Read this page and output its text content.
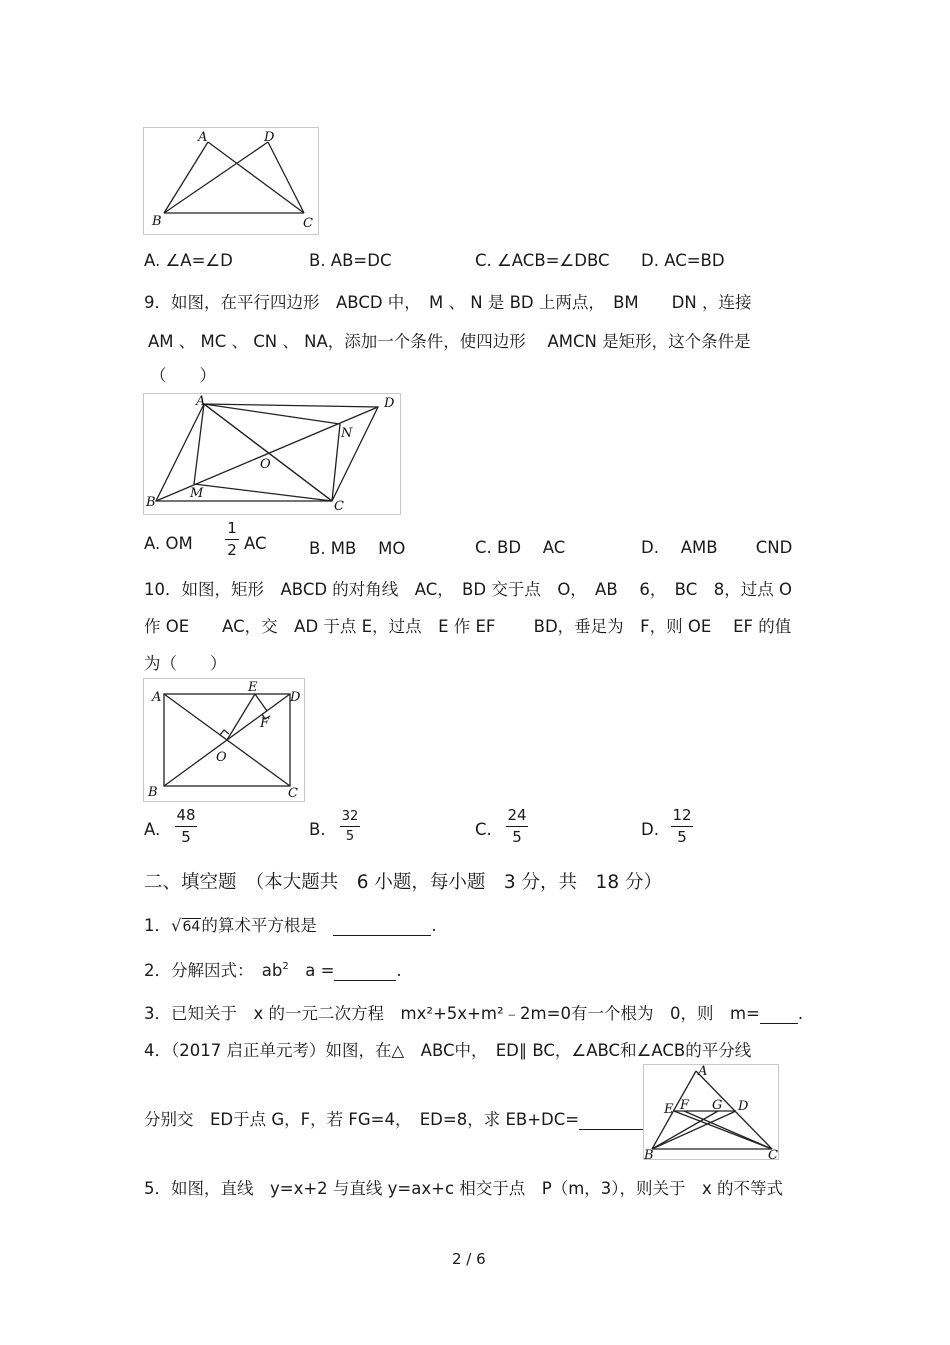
A	D
B	C
A. ∠A=∠D	B. AB=DC	C. ∠ACB=∠DBC D. AC=BD
9．如图，在平行四边形　ABCD 中，　M 、 N 是 BD 上两点，　BM　　DN ，连接
AM 、 MC 、 CN 、 NA，添加一个条件，使四边形　 AMCN 是矩形，这个条件是
（　　）
A	D
N
O
B
M
C
A. OM
1
2 AC	B. MB　 MO	C. BD　 AC	D.　 AMB　　 CND
10．如图，矩形　ABCD 的对角线　AC，　BD 交于点　O，　AB　 6，　BC　8，过点 O
作 OE　　AC，交　AD 于点 E，过点　E 作 EF　　 BD，垂足为　F，则 OE　 EF 的值
为（　　）
A
E
D
F
O
B	C
A.
48
5	B.
32
5	C.
24
5	D.
12
5
二、填空题　（本大题共　6 小题，每小题　3 分，共　18 分）
1．√64的算术平方根是　	.
2．分解因式：　$ab^2$　a =	.
3．已知关于　x 的一元二次方程　mx²+5x+m²﹣2m=0有一个根为　0，则　m= .
4．（2017 启正单元考）如图，在△　ABC中，　ED∥ BC，∠ABC和∠ACB的平分线
分别交　ED于点 G，F，若 FG=4，　ED=8，求 EB+DC=
A
E F G D
B	C
5．如图，直线　y=x+2 与直线 y=ax+c 相交于点　P（m，3），则关于　x 的不等式
2 / 6
